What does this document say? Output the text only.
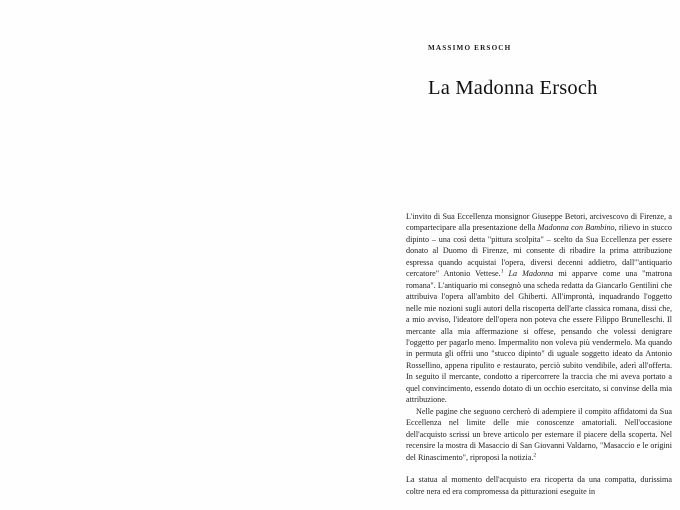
MASSIMO ERSOCH
La Madonna Ersoch

L'invito di Sua Eccellenza monsignor Giuseppe Betori, arcivescovo di Firenze, a compartecipare alla presentazione della Madonna con Bambino, rilievo in stucco dipinto – una così detta "pittura scolpita" – scelto da Sua Eccellenza per essere donato al Duomo di Firenze, mi consente di ribadire la prima attribuzione espressa quando acquistai l'opera, diversi decenni addietro, dall'"antiquario cercatore" Antonio Vettese.$^1$ La Madonna mi apparve come una "matrona romana". L'antiquario mi consegnò una scheda redatta da Giancarlo Gentilini che attribuiva l'opera all'ambito del Ghiberti. All'improntà, inquadrando l'oggetto nelle mie nozioni sugli autori della riscoperta dell'arte classica romana, dissi che, a mio avviso, l'ideatore dell'opera non poteva che essere Filippo Brunelleschi. Il mercante alla mia affermazione si offese, pensando che volessi denigrare l'oggetto per pagarlo meno. Impermalito non voleva più vendermelo. Ma quando in permuta gli offrii uno "stucco dipinto" di uguale soggetto ideato da Antonio Rossellino, appena ripulito e restaurato, perciò subito vendibile, aderì all'offerta. In seguito il mercante, condotto a ripercorrere la traccia che mi aveva portato a quel convincimento, essendo dotato di un occhio esercitato, si convinse della mia attribuzione.

Nelle pagine che seguono cercherò di adempiere il compito affidatomi da Sua Eccellenza nel limite delle mie conoscenze amatoriali. Nell'occasione dell'acquisto scrissi un breve articolo per esternare il piacere della scoperta. Nel recensire la mostra di Masaccio di San Giovanni Valdarno, "Masaccio e le origini del Rinascimento", riproposi la notizia.$^2$

La statua al momento dell'acquisto era ricoperta da una compatta, durissima coltre nera ed era compromessa da pitturazioni eseguite in
